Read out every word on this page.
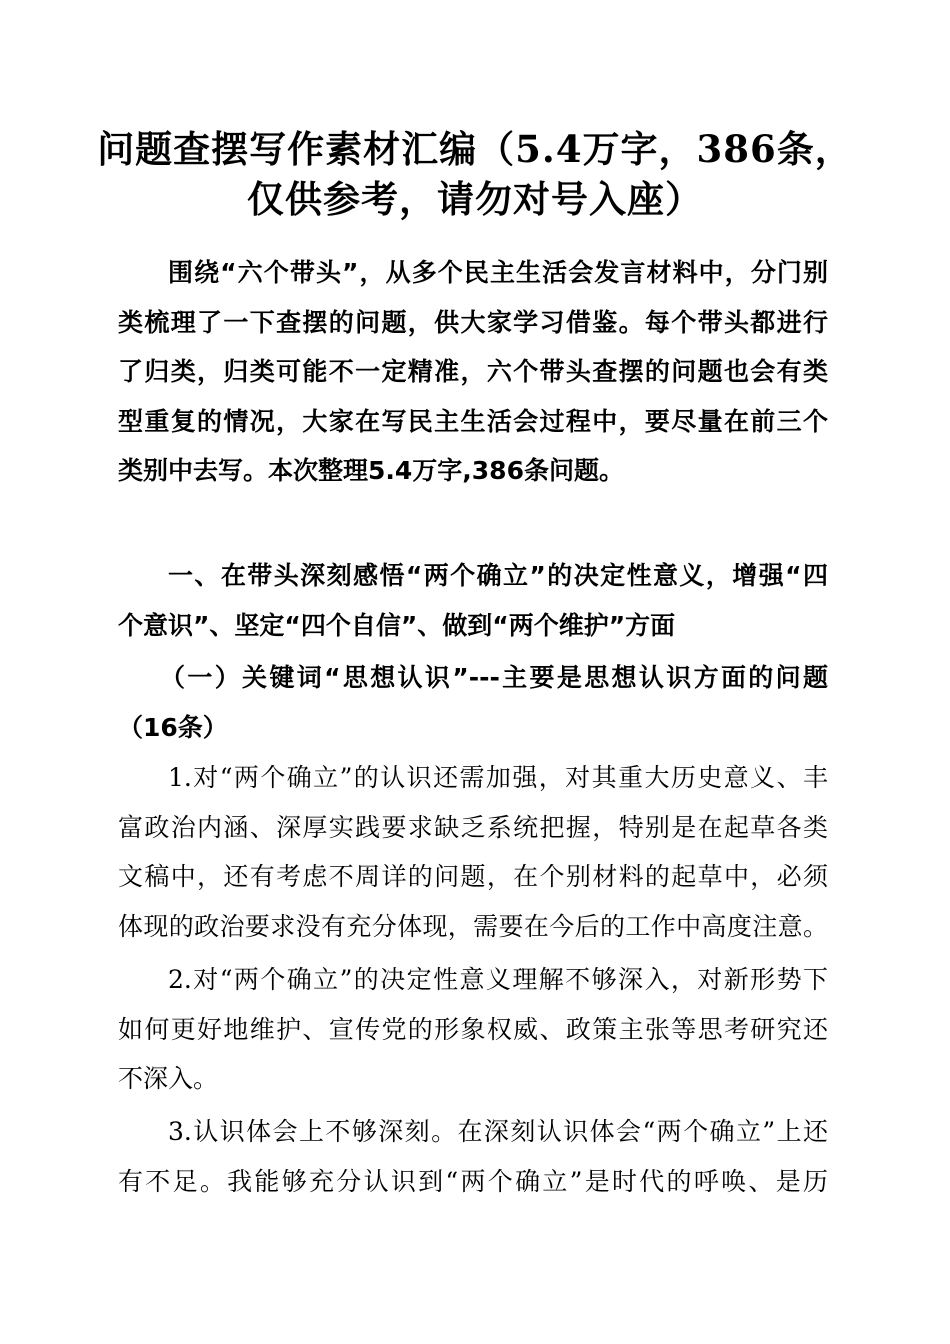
问题查摆写作素材汇编（5.4万字，386条，
仅供参考，请勿对号入座）
围绕“六个带头”，从多个民主生活会发言材料中，分门别
类梳理了一下查摆的问题，供大家学习借鉴。每个带头都进行
了归类，归类可能不一定精准，六个带头查摆的问题也会有类
型重复的情况，大家在写民主生活会过程中，要尽量在前三个
类别中去写。本次整理5.4万字,386条问题。
一、在带头深刻感悟“两个确立”的决定性意义，增强“四
个意识”、坚定“四个自信”、做到“两个维护”方面
（一）关键词“思想认识”---主要是思想认识方面的问题
（16条）
1.对“两个确立”的认识还需加强，对其重大历史意义、丰
富政治内涵、深厚实践要求缺乏系统把握，特别是在起草各类
文稿中，还有考虑不周详的问题，在个别材料的起草中，必须
体现的政治要求没有充分体现，需要在今后的工作中高度注意。
2.对“两个确立”的决定性意义理解不够深入，对新形势下
如何更好地维护、宣传党的形象权威、政策主张等思考研究还
不深入。
3.认识体会上不够深刻。在深刻认识体会“两个确立”上还
有不足。我能够充分认识到“两个确立”是时代的呼唤、是历
